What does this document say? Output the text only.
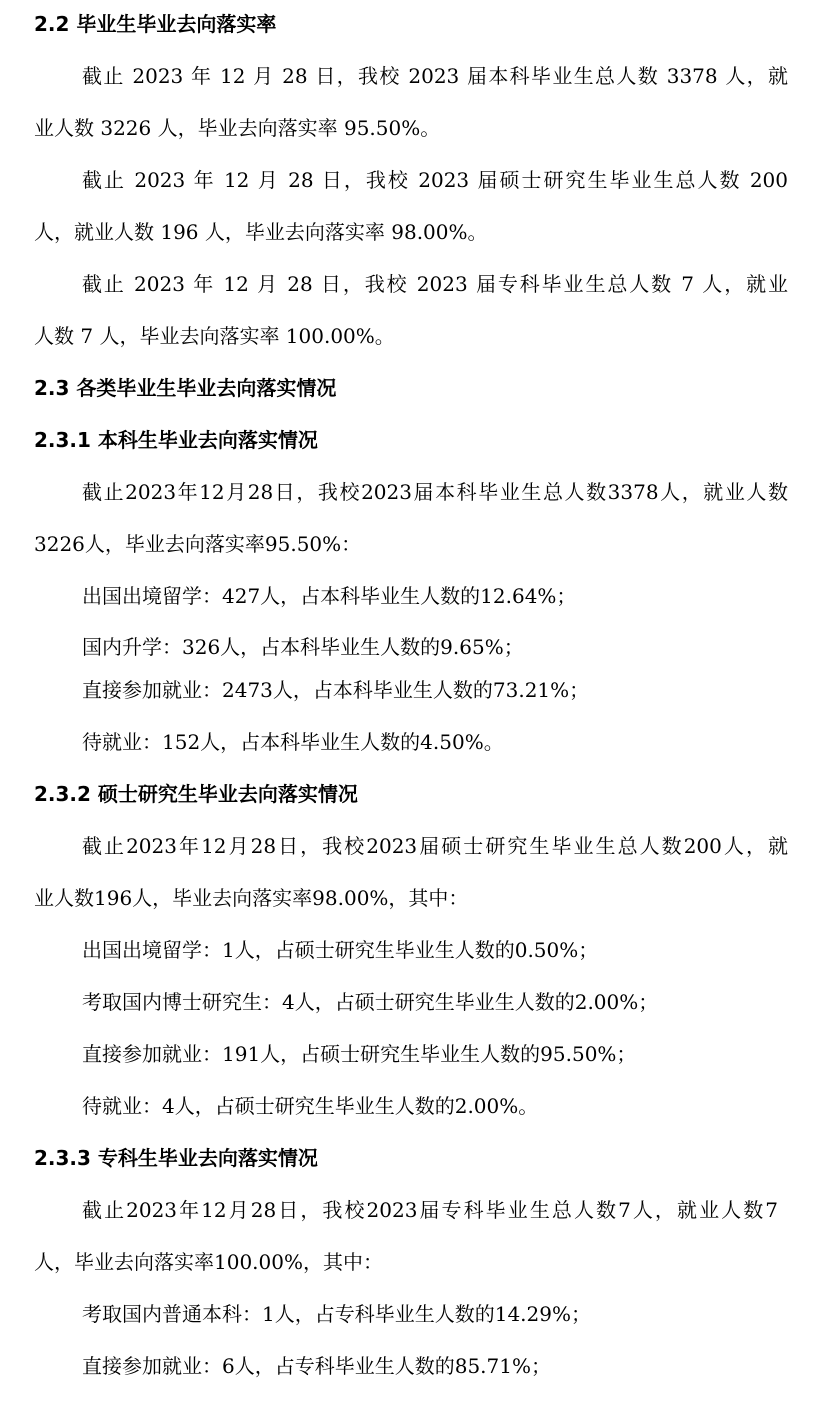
2.2 毕业生毕业去向落实率

截止 2023 年 12 月 28 日，我校 2023 届本科毕业生总人数 3378 人，就

业人数 3226 人，毕业去向落实率 95.50%。

截止 2023 年 12 月 28 日，我校 2023 届硕士研究生毕业生总人数 200

人，就业人数 196 人，毕业去向落实率 98.00%。

截止 2023 年 12 月 28 日，我校 2023 届专科毕业生总人数 7 人，就业

人数 7 人，毕业去向落实率 100.00%。

2.3 各类毕业生毕业去向落实情况

2.3.1 本科生毕业去向落实情况

截止2023年12月28日，我校2023届本科毕业生总人数3378人，就业人数

3226人，毕业去向落实率95.50%：

出国出境留学：427人，占本科毕业生人数的12.64%；

国内升学：326人，占本科毕业生人数的9.65%；

直接参加就业：2473人，占本科毕业生人数的73.21%；

待就业：152人，占本科毕业生人数的4.50%。

2.3.2 硕士研究生毕业去向落实情况

截止2023年12月28日，我校2023届硕士研究生毕业生总人数200人，就

业人数196人，毕业去向落实率98.00%，其中：

出国出境留学：1人，占硕士研究生毕业生人数的0.50%；

考取国内博士研究生：4人，占硕士研究生毕业生人数的2.00%；

直接参加就业：191人，占硕士研究生毕业生人数的95.50%；

待就业：4人，占硕士研究生毕业生人数的2.00%。

2.3.3 专科生毕业去向落实情况

截止2023年12月28日，我校2023届专科毕业生总人数7人，就业人数7

人，毕业去向落实率100.00%，其中：

考取国内普通本科：1人，占专科毕业生人数的14.29%；

直接参加就业：6人，占专科毕业生人数的85.71%；
